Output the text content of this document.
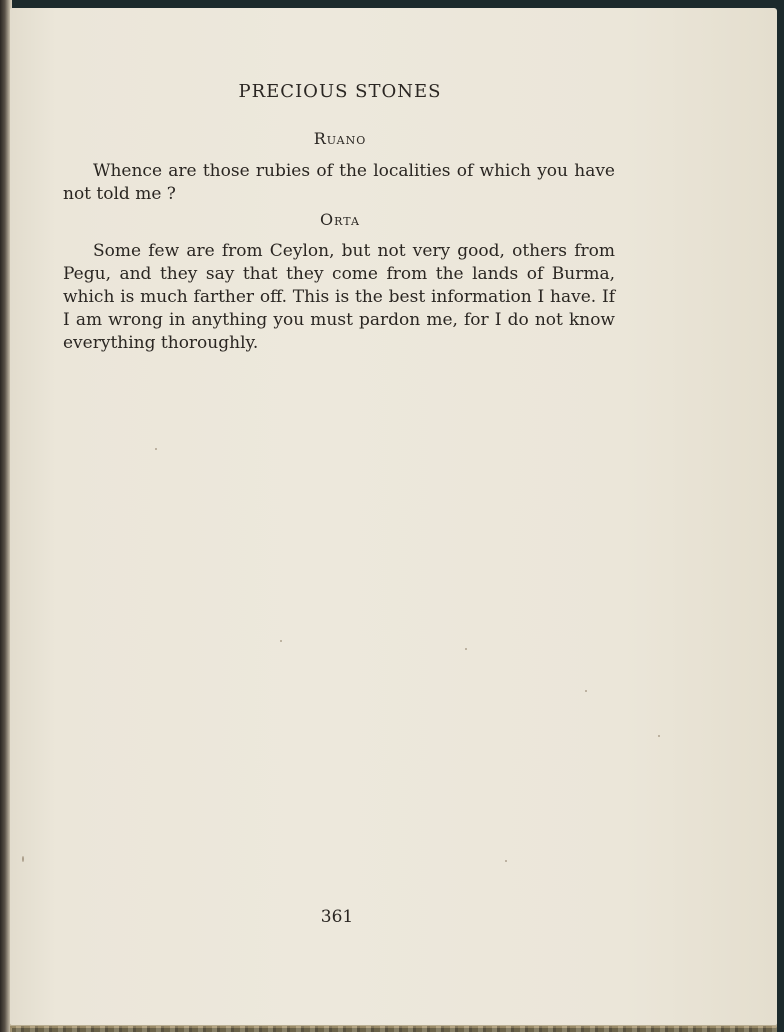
PRECIOUS STONES
Ruano
Whence are those rubies of the localities of which you have not told me ?
Orta
Some few are from Ceylon, but not very good, others from Pegu, and they say that they come from the lands of Burma, which is much farther off. This is the best information I have. If I am wrong in anything you must pardon me, for I do not know everything thoroughly.
361
